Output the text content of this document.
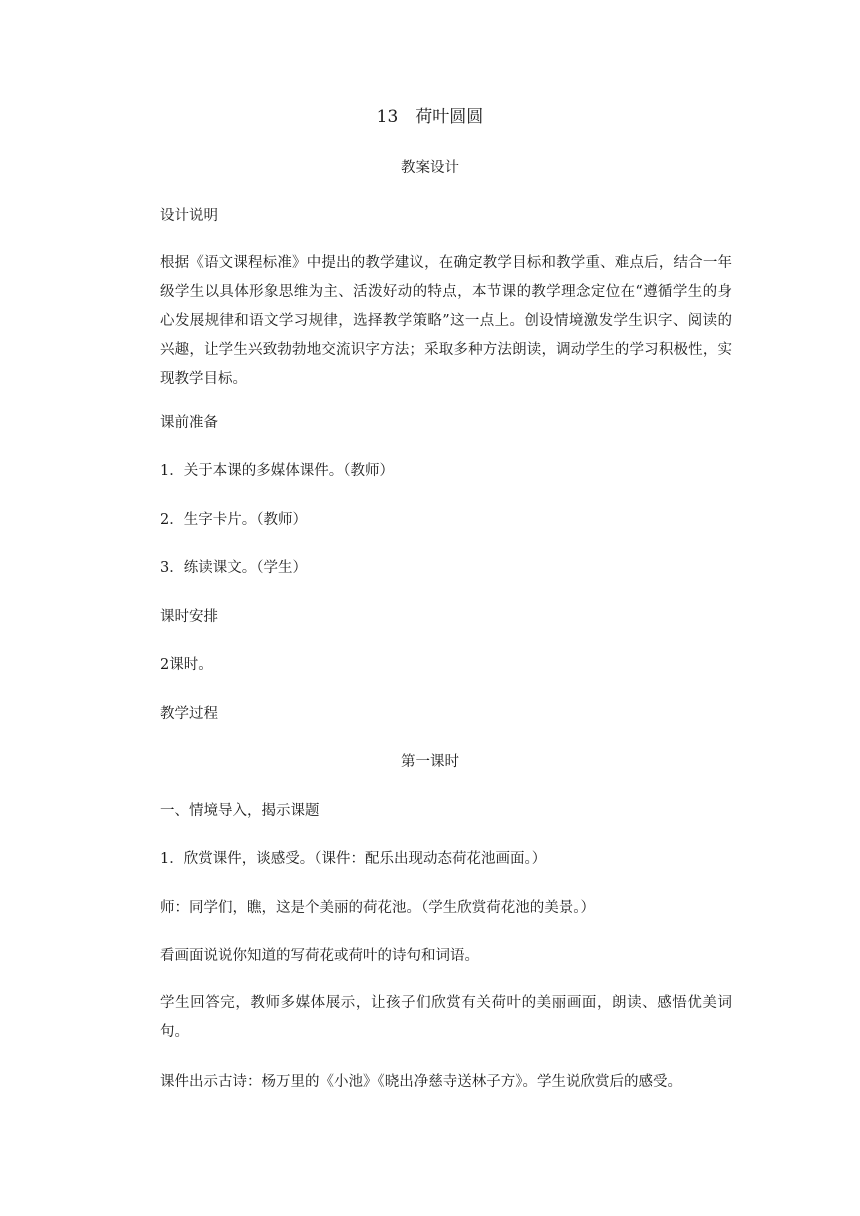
13　荷叶圆圆
教案设计
设计说明
根据《语文课程标准》中提出的教学建议，在确定教学目标和教学重、难点后，结合一年级学生以具体形象思维为主、活泼好动的特点，本节课的教学理念定位在“遵循学生的身心发展规律和语文学习规律，选择教学策略”这一点上。创设情境激发学生识字、阅读的兴趣，让学生兴致勃勃地交流识字方法；采取多种方法朗读，调动学生的学习积极性，实现教学目标。
课前准备
1．关于本课的多媒体课件。（教师）
2．生字卡片。（教师）
3．练读课文。（学生）
课时安排
2课时。
教学过程
第一课时
一、情境导入，揭示课题
1．欣赏课件，谈感受。（课件：配乐出现动态荷花池画面。）
师：同学们，瞧，这是个美丽的荷花池。（学生欣赏荷花池的美景。）
看画面说说你知道的写荷花或荷叶的诗句和词语。
学生回答完，教师多媒体展示，让孩子们欣赏有关荷叶的美丽画面，朗读、感悟优美词句。
课件出示古诗：杨万里的《小池》《晓出净慈寺送林子方》。学生说欣赏后的感受。
